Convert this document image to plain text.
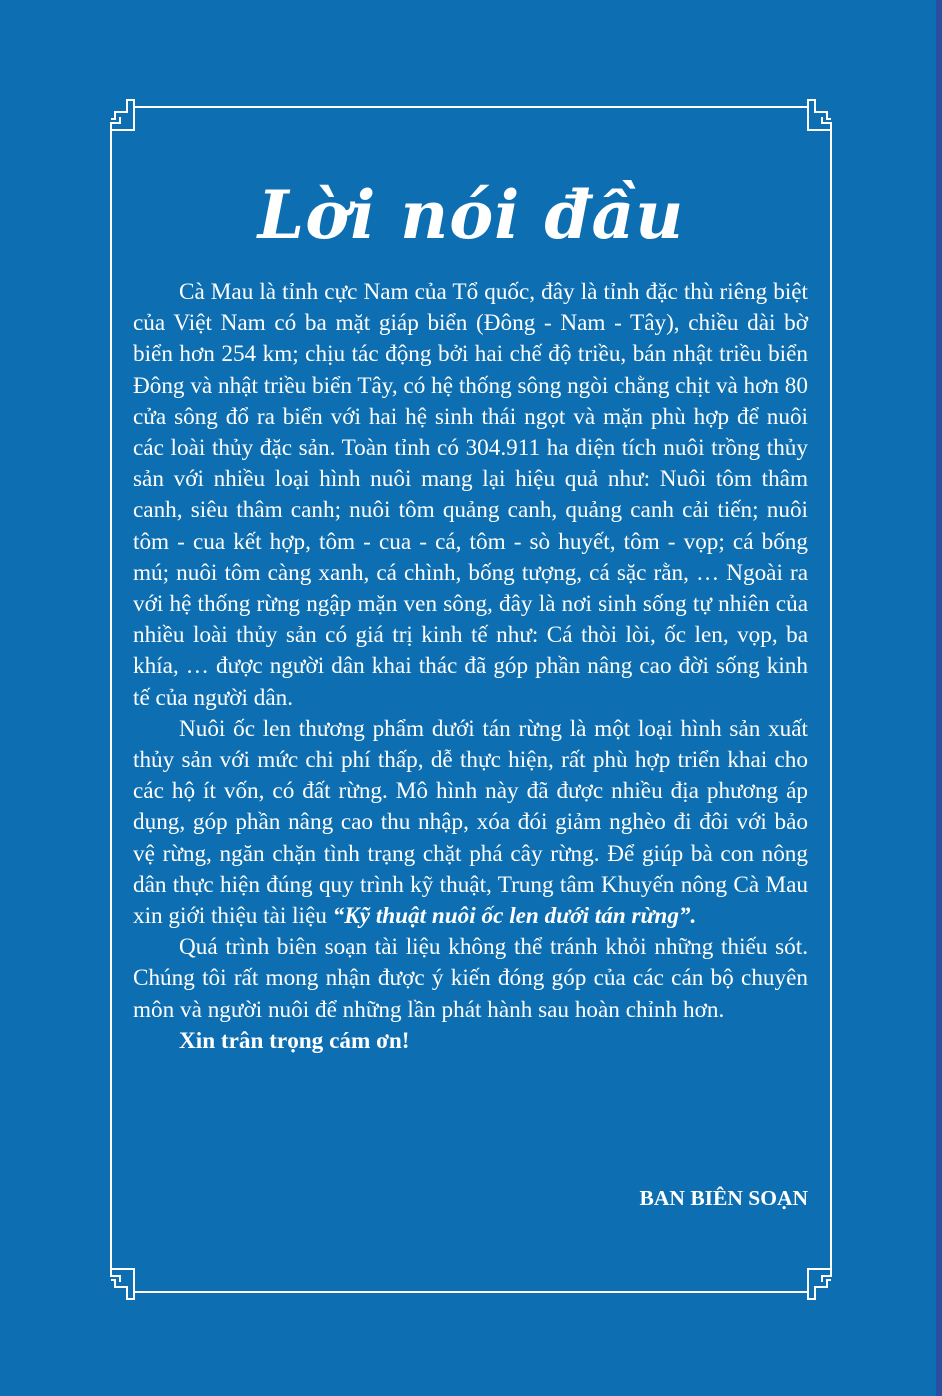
Lời nói đầu

Cà Mau là tỉnh cực Nam của Tổ quốc, đây là tỉnh đặc thù riêng biệt của Việt Nam có ba mặt giáp biển (Đông - Nam - Tây), chiều dài bờ biển hơn 254 km; chịu tác động bởi hai chế độ triều, bán nhật triều biển Đông và nhật triều biển Tây, có hệ thống sông ngòi chằng chịt và hơn 80 cửa sông đổ ra biển với hai hệ sinh thái ngọt và mặn phù hợp để nuôi các loài thủy đặc sản. Toàn tỉnh có 304.911 ha diện tích nuôi trồng thủy sản với nhiều loại hình nuôi mang lại hiệu quả như: Nuôi tôm thâm canh, siêu thâm canh; nuôi tôm quảng canh, quảng canh cải tiến; nuôi tôm - cua kết hợp, tôm - cua - cá, tôm - sò huyết, tôm - vọp; cá bống mú; nuôi tôm càng xanh, cá chình, bống tượng, cá sặc rằn, … Ngoài ra với hệ thống rừng ngập mặn ven sông, đây là nơi sinh sống tự nhiên của nhiều loài thủy sản có giá trị kinh tế như: Cá thòi lòi, ốc len, vọp, ba khía, … được người dân khai thác đã góp phần nâng cao đời sống kinh tế của người dân.

Nuôi ốc len thương phẩm dưới tán rừng là một loại hình sản xuất thủy sản với mức chi phí thấp, dễ thực hiện, rất phù hợp triển khai cho các hộ ít vốn, có đất rừng. Mô hình này đã được nhiều địa phương áp dụng, góp phần nâng cao thu nhập, xóa đói giảm nghèo đi đôi với bảo vệ rừng, ngăn chặn tình trạng chặt phá cây rừng. Để giúp bà con nông dân thực hiện đúng quy trình kỹ thuật, Trung tâm Khuyến nông Cà Mau xin giới thiệu tài liệu “Kỹ thuật nuôi ốc len dưới tán rừng”.

Quá trình biên soạn tài liệu không thể tránh khỏi những thiếu sót. Chúng tôi rất mong nhận được ý kiến đóng góp của các cán bộ chuyên môn và người nuôi để những lần phát hành sau hoàn chỉnh hơn.

Xin trân trọng cám ơn!

BAN BIÊN SOẠN
